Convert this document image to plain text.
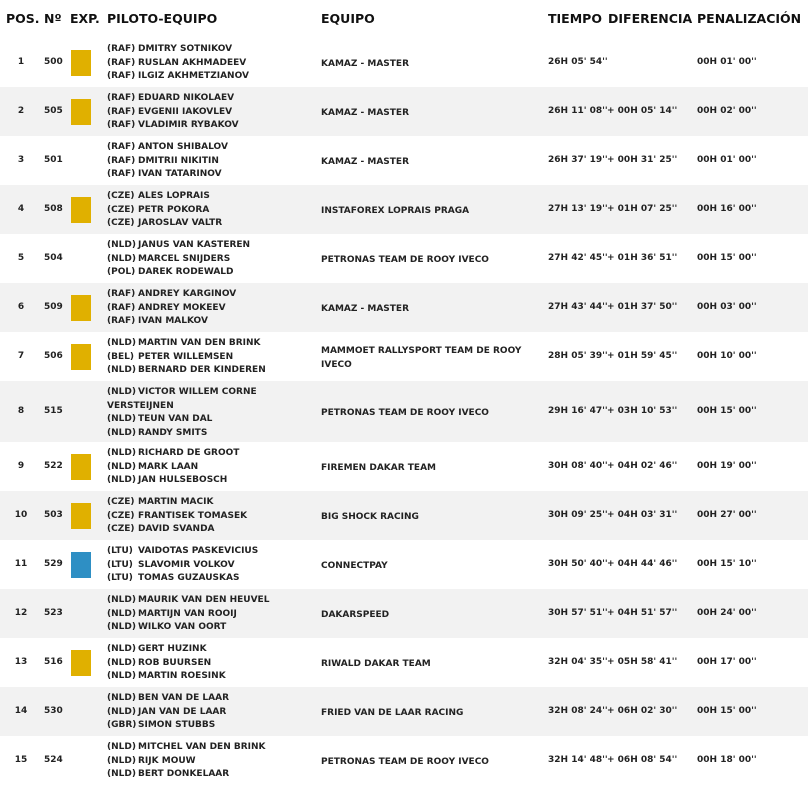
POS. Nº EXP. PILOTO-EQUIPO	EQUIPO	TIEMPO DIFERENCIA PENALIZACIÓN
1	500
(RAF) DMITRY SOTNIKOV
(RAF) RUSLAN AKHMADEEV
(RAF) ILGIZ AKHMETZIANOV
KAMAZ - MASTER	26H 05' 54''	00H 01' 00''
2	505
(RAF) EDUARD NIKOLAEV
(RAF) EVGENII IAKOVLEV
(RAF) VLADIMIR RYBAKOV
KAMAZ - MASTER	26H 11' 08'' + 00H 05' 14'' 00H 02' 00''
3	501
(RAF) ANTON SHIBALOV
(RAF) DMITRII NIKITIN
(RAF) IVAN TATARINOV
KAMAZ - MASTER	26H 37' 19'' + 00H 31' 25'' 00H 01' 00''
4	508
(CZE) ALES LOPRAIS
(CZE) PETR POKORA
(CZE) JAROSLAV VALTR
INSTAFOREX LOPRAIS PRAGA	27H 13' 19'' + 01H 07' 25'' 00H 16' 00''
5	504
(NLD) JANUS VAN KASTEREN
(NLD) MARCEL SNIJDERS
(POL) DAREK RODEWALD
PETRONAS TEAM DE ROOY IVECO	27H 42' 45'' + 01H 36' 51'' 00H 15' 00''
6	509
(RAF) ANDREY KARGINOV
(RAF) ANDREY MOKEEV
(RAF) IVAN MALKOV
KAMAZ - MASTER	27H 43' 44'' + 01H 37' 50'' 00H 03' 00''
7	506
(NLD) MARTIN VAN DEN BRINK
(BEL) PETER WILLEMSEN
(NLD) BERNARD DER KINDEREN
MAMMOET RALLYSPORT TEAM DE ROOY IVECO
28H 05' 39'' + 01H 59' 45'' 00H 10' 00''
8	515
(NLD) VICTOR WILLEM CORNE VERSTEIJNEN
(NLD) TEUN VAN DAL
(NLD) RANDY SMITS
PETRONAS TEAM DE ROOY IVECO	29H 16' 47'' + 03H 10' 53'' 00H 15' 00''
9	522
(NLD) RICHARD DE GROOT
(NLD) MARK LAAN
(NLD) JAN HULSEBOSCH
FIREMEN DAKAR TEAM	30H 08' 40'' + 04H 02' 46'' 00H 19' 00''
10	503
(CZE) MARTIN MACIK
(CZE) FRANTISEK TOMASEK
(CZE) DAVID SVANDA
BIG SHOCK RACING	30H 09' 25'' + 04H 03' 31'' 00H 27' 00''
11	529
(LTU) VAIDOTAS PASKEVICIUS
(LTU) SLAVOMIR VOLKOV
(LTU) TOMAS GUZAUSKAS
CONNECTPAY	30H 50' 40'' + 04H 44' 46'' 00H 15' 10''
12	523
(NLD) MAURIK VAN DEN HEUVEL
(NLD) MARTIJN VAN ROOIJ
(NLD) WILKO VAN OORT
DAKARSPEED	30H 57' 51'' + 04H 51' 57'' 00H 24' 00''
13	516
(NLD) GERT HUZINK
(NLD) ROB BUURSEN
(NLD) MARTIN ROESINK
RIWALD DAKAR TEAM	32H 04' 35'' + 05H 58' 41'' 00H 17' 00''
14	530
(NLD) BEN VAN DE LAAR
(NLD) JAN VAN DE LAAR
(GBR) SIMON STUBBS
FRIED VAN DE LAAR RACING	32H 08' 24'' + 06H 02' 30'' 00H 15' 00''
15	524
(NLD) MITCHEL VAN DEN BRINK
(NLD) RIJK MOUW
(NLD) BERT DONKELAAR
PETRONAS TEAM DE ROOY IVECO	32H 14' 48'' + 06H 08' 54'' 00H 18' 00''
